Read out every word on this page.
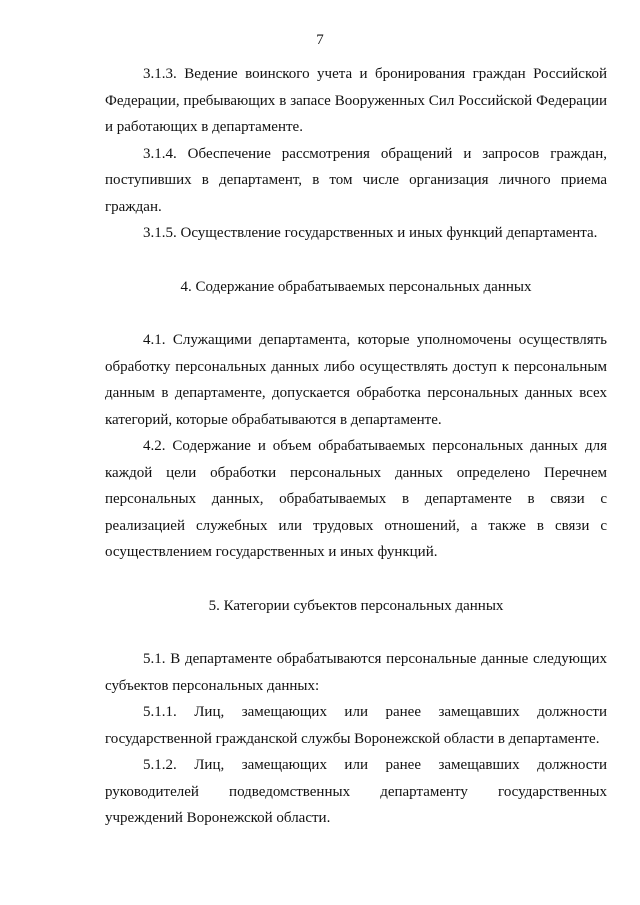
7

3.1.3. Ведение воинского учета и бронирования граждан Российской Федерации, пребывающих в запасе Вооруженных Сил Российской Федерации и работающих в департаменте.

3.1.4. Обеспечение рассмотрения обращений и запросов граждан, поступивших в департамент, в том числе организация личного приема граждан.

3.1.5. Осуществление государственных и иных функций департамента.

4. Содержание обрабатываемых персональных данных

4.1. Служащими департамента, которые уполномочены осуществлять обработку персональных данных либо осуществлять доступ к персональным данным в департаменте, допускается обработка персональных данных всех категорий, которые обрабатываются в департаменте.

4.2. Содержание и объем обрабатываемых персональных данных для каждой цели обработки персональных данных определено Перечнем персональных данных, обрабатываемых в департаменте в связи с реализацией служебных или трудовых отношений, а также в связи с осуществлением государственных и иных функций.

5. Категории субъектов персональных данных

5.1. В департаменте обрабатываются персональные данные следующих субъектов персональных данных:

5.1.1. Лиц, замещающих или ранее замещавших должности государственной гражданской службы Воронежской области в департаменте.

5.1.2. Лиц, замещающих или ранее замещавших должности руководителей подведомственных департаменту государственных учреждений Воронежской области.
